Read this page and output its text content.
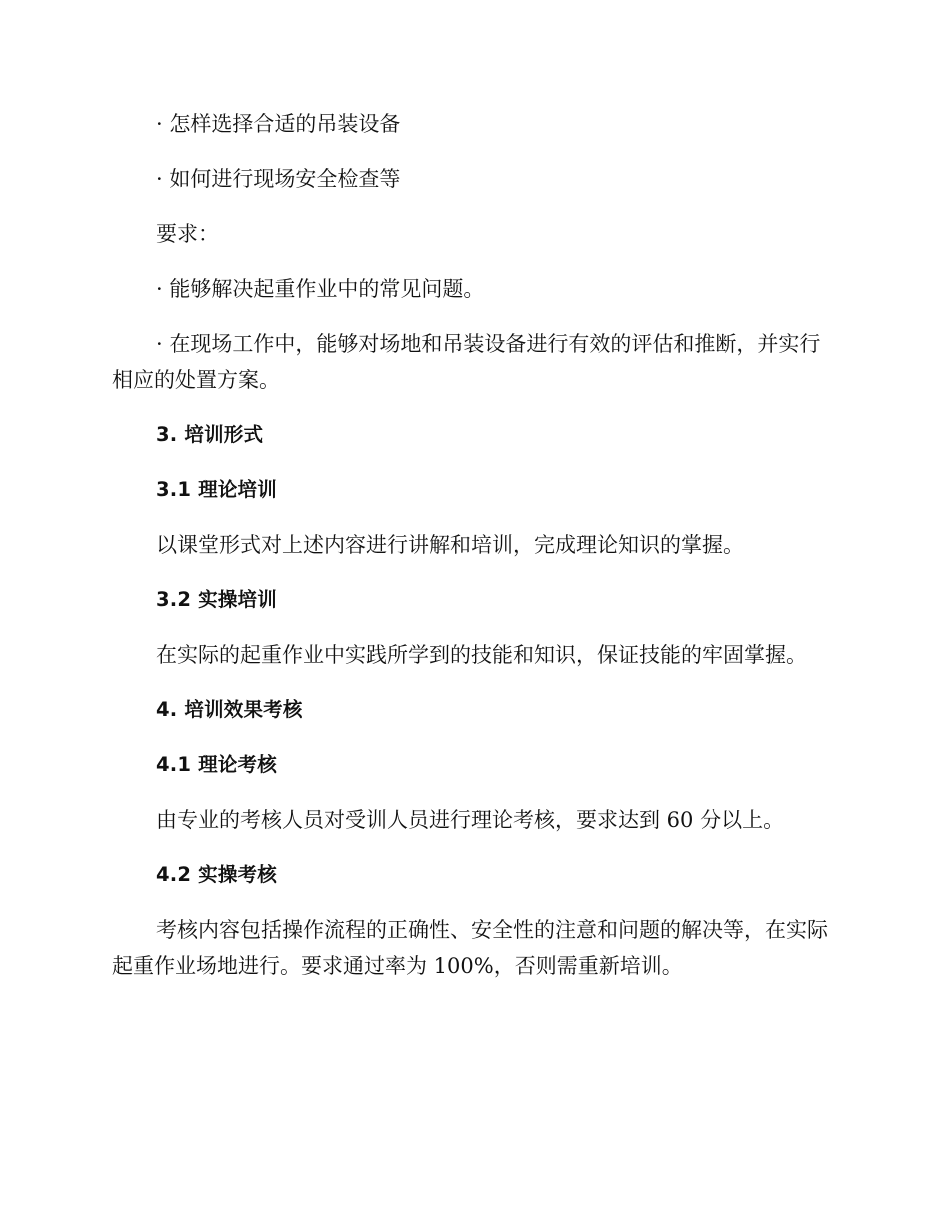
· 怎样选择合适的吊装设备

· 如何进行现场安全检查等

要求：

· 能够解决起重作业中的常见问题。

· 在现场工作中，能够对场地和吊装设备进行有效的评估和推断，并实行相应的处置方案。

3. 培训形式

3.1 理论培训

以课堂形式对上述内容进行讲解和培训，完成理论知识的掌握。

3.2 实操培训

在实际的起重作业中实践所学到的技能和知识，保证技能的牢固掌握。

4. 培训效果考核

4.1 理论考核

由专业的考核人员对受训人员进行理论考核，要求达到 60 分以上。

4.2 实操考核

考核内容包括操作流程的正确性、安全性的注意和问题的解决等，在实际起重作业场地进行。要求通过率为 100%，否则需重新培训。
